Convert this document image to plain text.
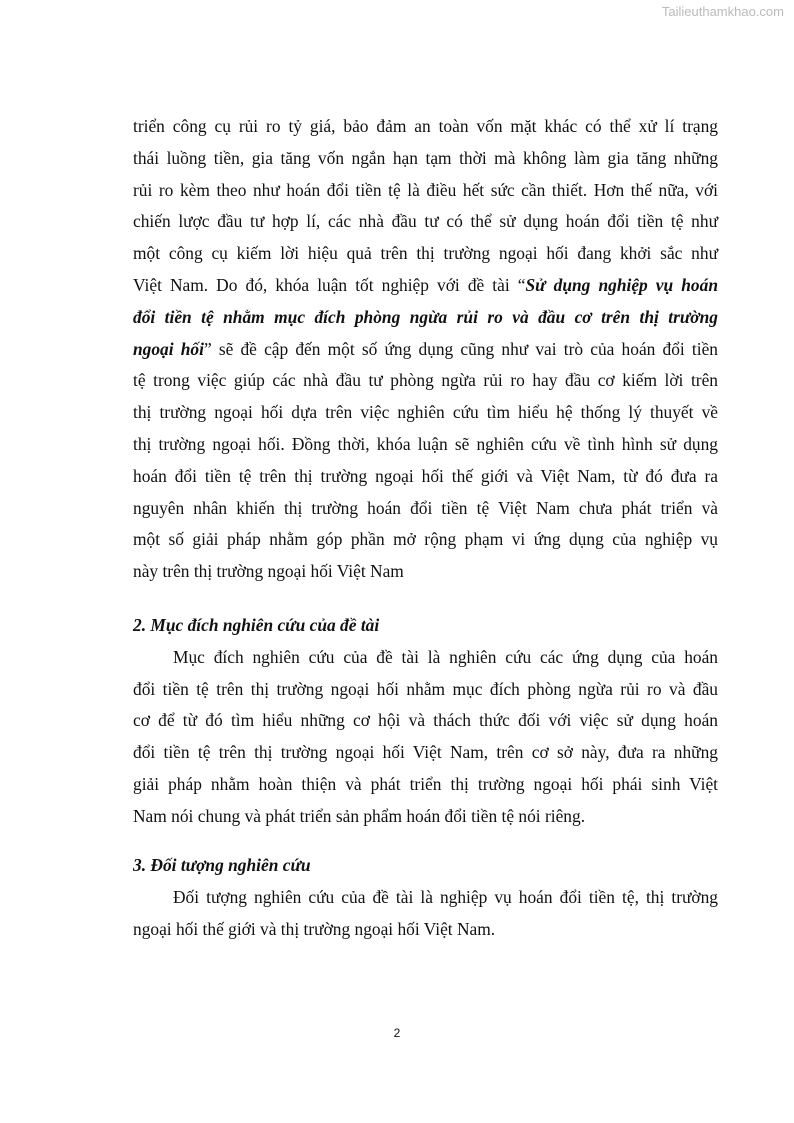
Tailieuthamkhao.com
triển công cụ rủi ro tỷ giá, bảo đảm an toàn vốn mặt khác có thể xử lí trạng
thái luồng tiền, gia tăng vốn ngắn hạn tạm thời mà không làm gia tăng những
rủi ro kèm theo như hoán đổi tiền tệ là điều hết sức cần thiết. Hơn thế nữa, với
chiến lược đầu tư hợp lí, các nhà đầu tư có thể sử dụng hoán đổi tiền tệ như
một công cụ kiếm lời hiệu quả trên thị trường ngoại hối đang khởi sắc như
Việt Nam. Do đó, khóa luận tốt nghiệp với đề tài “Sử dụng nghiệp vụ hoán
đổi tiền tệ nhằm mục đích phòng ngừa rủi ro và đầu cơ trên thị trường
ngoại hối” sẽ đề cập đến một số ứng dụng cũng như vai trò của hoán đổi tiền
tệ trong việc giúp các nhà đầu tư phòng ngừa rủi ro hay đầu cơ kiếm lời trên
thị trường ngoại hối dựa trên việc nghiên cứu tìm hiểu hệ thống lý thuyết về
thị trường ngoại hối. Đồng thời, khóa luận sẽ nghiên cứu về tình hình sử dụng
hoán đổi tiền tệ trên thị trường ngoại hối thế giới và Việt Nam, từ đó đưa ra
nguyên nhân khiến thị trường hoán đổi tiền tệ Việt Nam chưa phát triển và
một số giải pháp nhằm góp phần mở rộng phạm vi ứng dụng của nghiệp vụ
này trên thị trường ngoại hối Việt Nam
2. Mục đích nghiên cứu của đề tài
Mục đích nghiên cứu của đề tài là nghiên cứu các ứng dụng của hoán
đổi tiền tệ trên thị trường ngoại hối nhằm mục đích phòng ngừa rủi ro và đầu
cơ để từ đó tìm hiểu những cơ hội và thách thức đối với việc sử dụng hoán
đổi tiền tệ trên thị trường ngoại hối Việt Nam, trên cơ sở này, đưa ra những
giải pháp nhằm hoàn thiện và phát triển thị trường ngoại hối phái sinh Việt
Nam nói chung và phát triển sản phẩm hoán đổi tiền tệ nói riêng.
3. Đối tượng nghiên cứu
Đối tượng nghiên cứu của đề tài là nghiệp vụ hoán đổi tiền tệ, thị trường
ngoại hối thế giới và thị trường ngoại hối Việt Nam.
2
